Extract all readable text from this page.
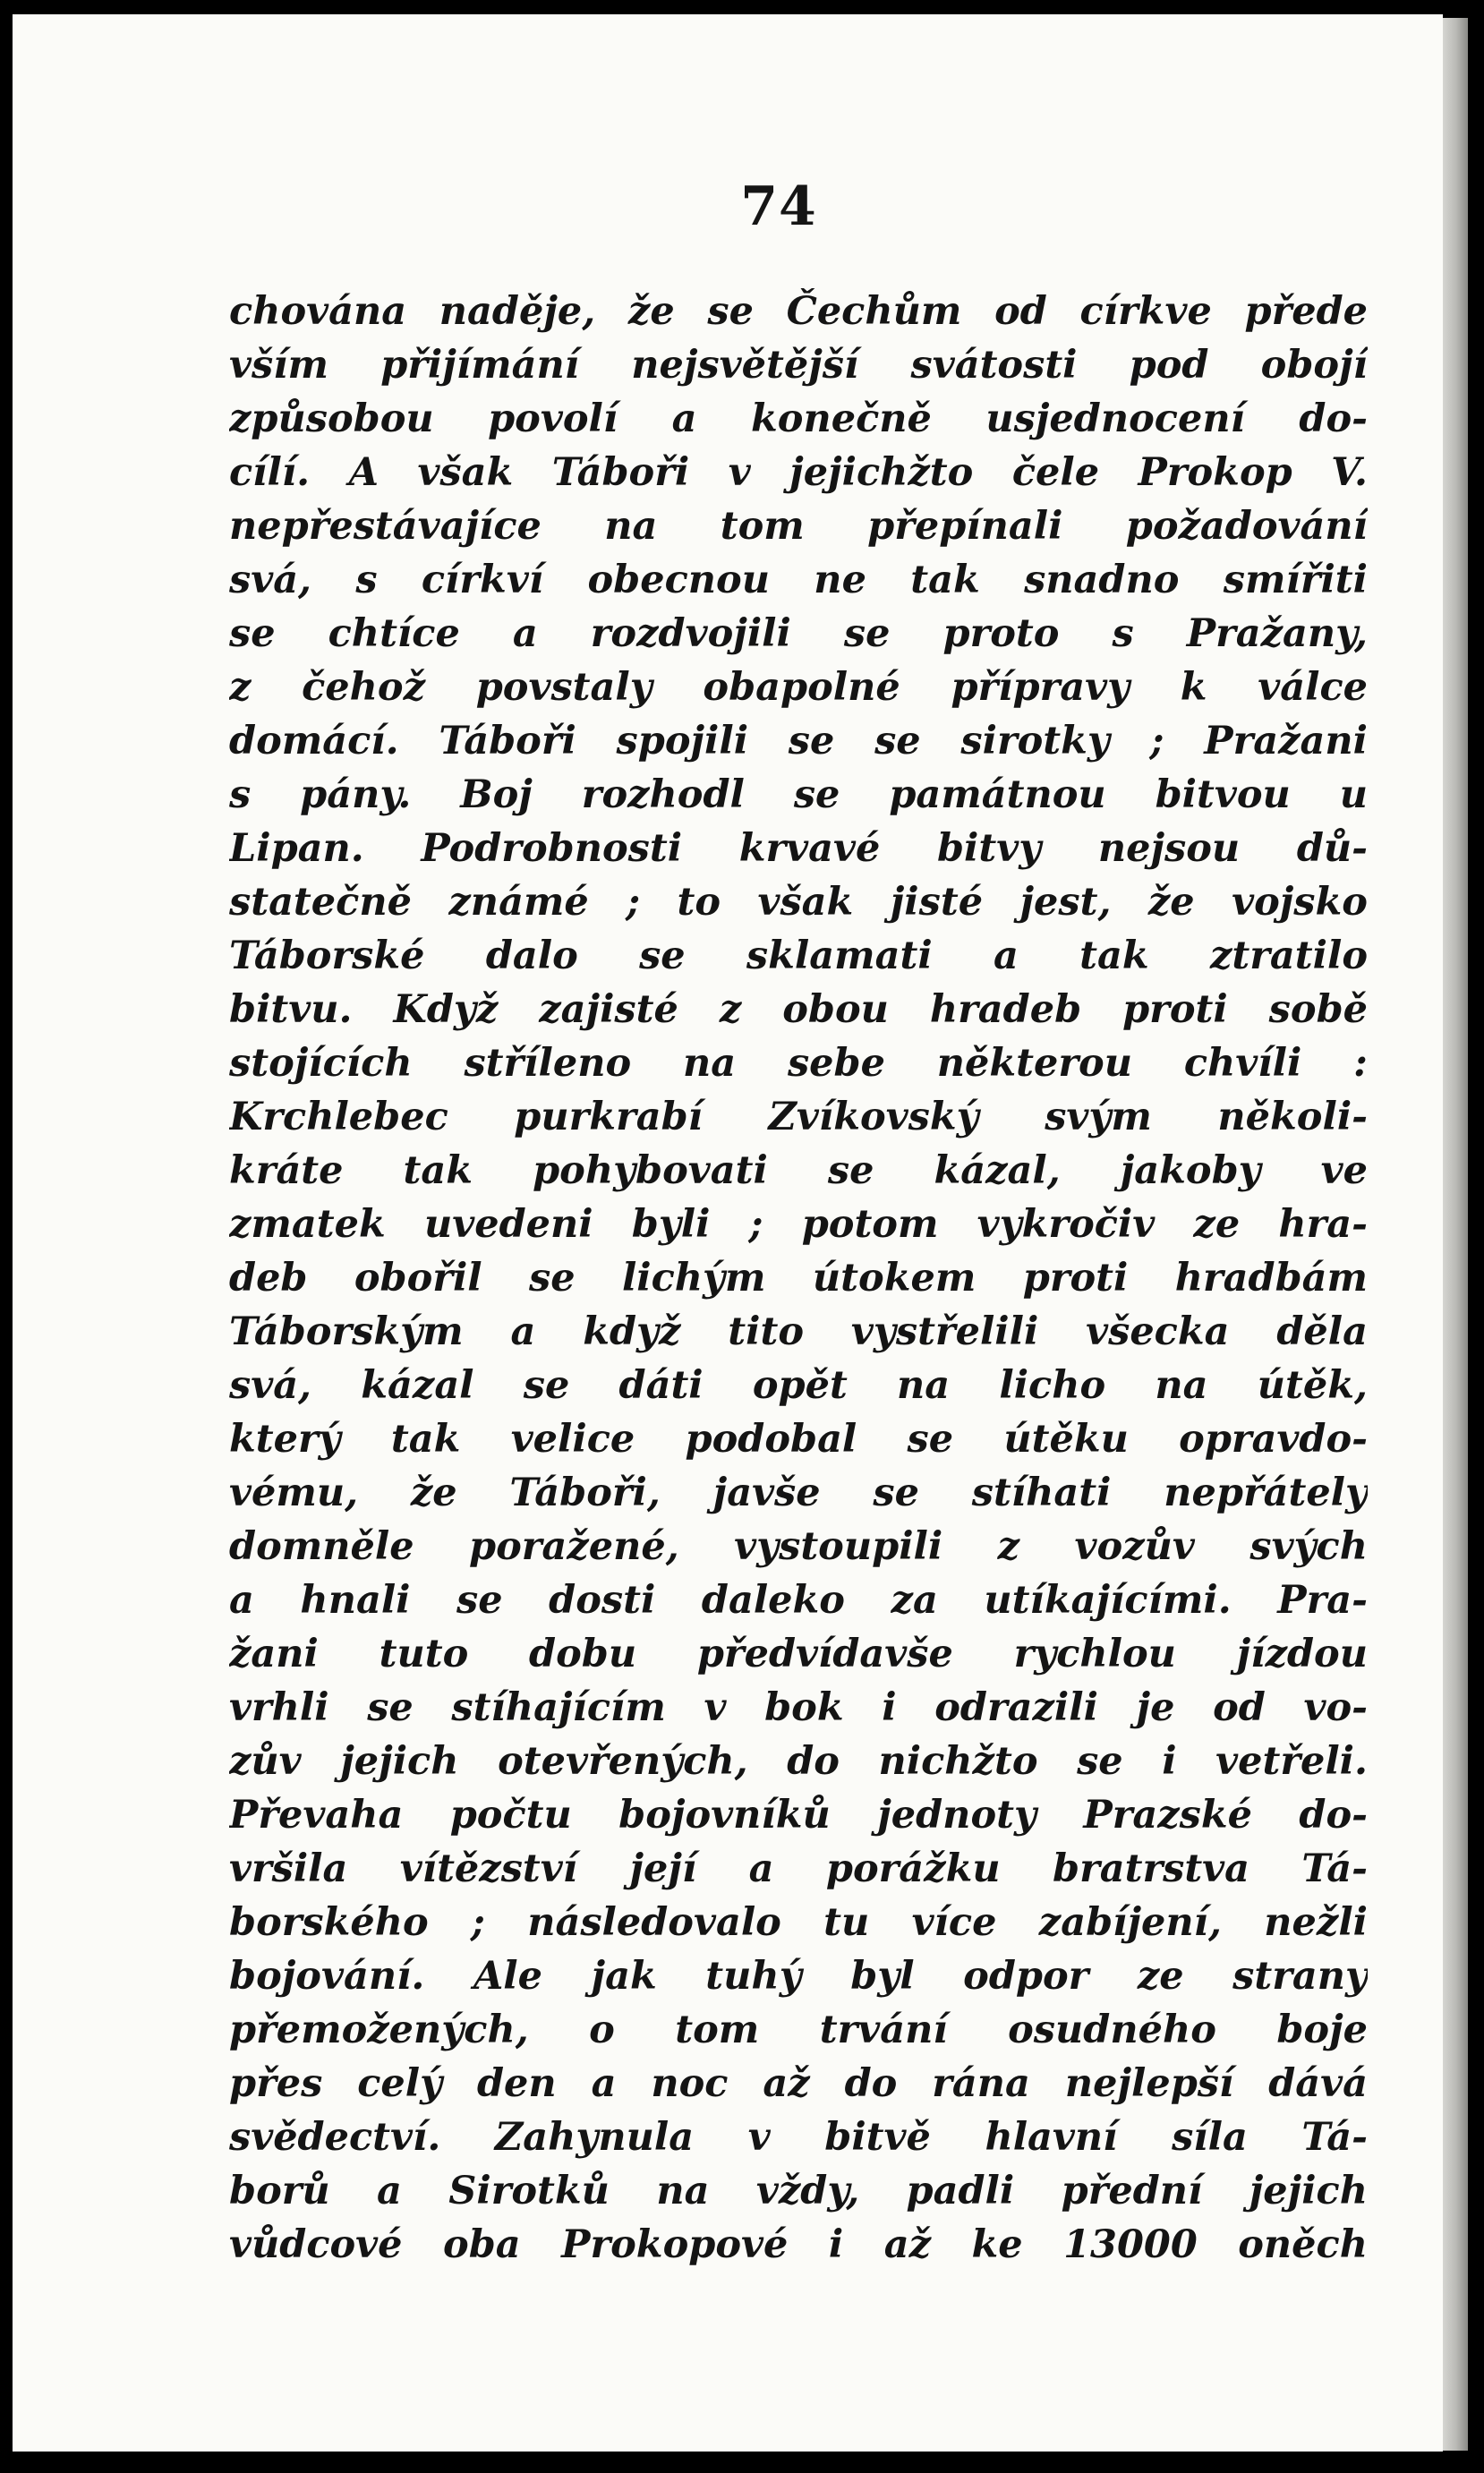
74
chována naděje, že se Čechům od církve přede
vším přijímání nejsvětější svátosti pod obojí
způsobou povolí a konečně usjednocení do-
cílí. A však Táboři v jejichžto čele Prokop V.
nepřestávajíce na tom přepínali požadování
svá, s církví obecnou ne tak snadno smířiti
se chtíce a rozdvojili se proto s Pražany,
z čehož povstaly obapolné přípravy k válce
domácí. Táboři spojili se se sirotky ; Pražani
s pány. Boj rozhodl se památnou bitvou u
Lipan. Podrobnosti krvavé bitvy nejsou dů-
statečně známé ; to však jisté jest, že vojsko
Táborské dalo se sklamati a tak ztratilo
bitvu. Když zajisté z obou hradeb proti sobě
stojících stříleno na sebe některou chvíli :
Krchlebec purkrabí Zvíkovský svým několi-
kráte tak pohybovati se kázal, jakoby ve
zmatek uvedeni byli ; potom vykročiv ze hra-
deb obořil se lichým útokem proti hradbám
Táborským a když tito vystřelili všecka děla
svá, kázal se dáti opět na licho na útěk,
který tak velice podobal se útěku opravdo-
vému, že Táboři, javše se stíhati nepřátely
domněle poražené, vystoupili z vozův svých
a hnali se dosti daleko za utíkajícími. Pra-
žani tuto dobu předvídavše rychlou jízdou
vrhli se stíhajícím v bok i odrazili je od vo-
zův jejich otevřených, do nichžto se i vetřeli.
Převaha počtu bojovníků jednoty Prazské do-
vršila vítězství její a porážku bratrstva Tá-
borského ; následovalo tu více zabíjení, nežli
bojování. Ale jak tuhý byl odpor ze strany
přemožených, o tom trvání osudného boje
přes celý den a noc až do rána nejlepší dává
svědectví. Zahynula v bitvě hlavní síla Tá-
borů a Sirotků na vždy, padli přední jejich
vůdcové oba Prokopové i až ke 13000 oněch
